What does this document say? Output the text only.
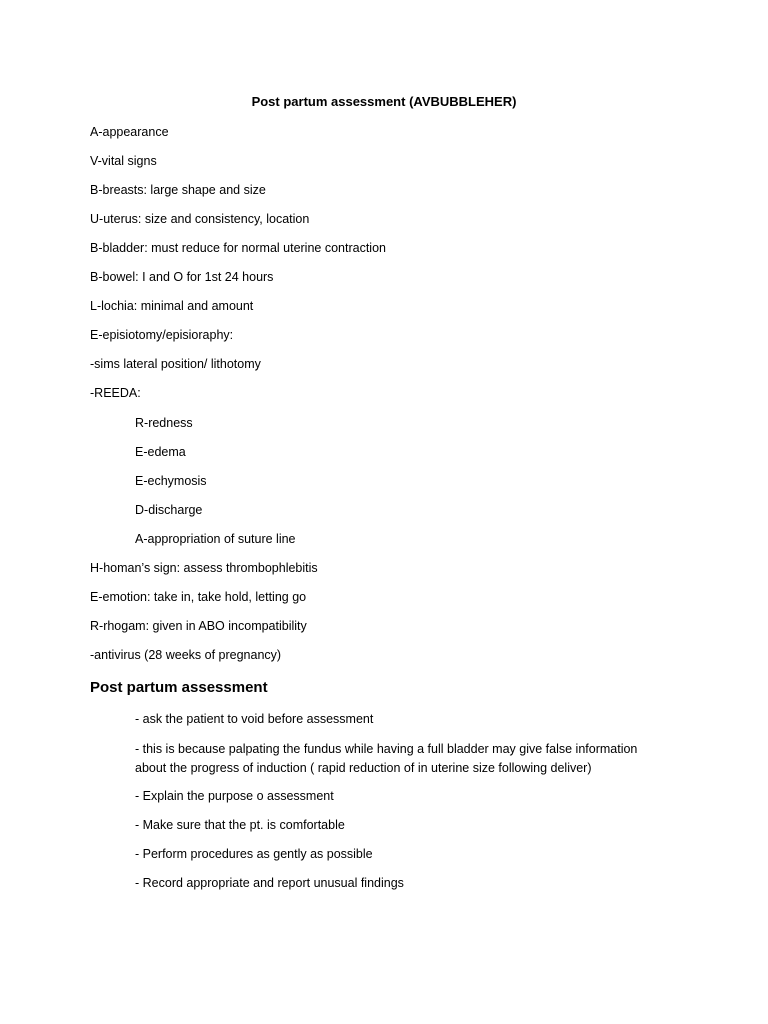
Post partum assessment (AVBUBBLEHER)
A-appearance
V-vital signs
B-breasts: large shape and size
U-uterus: size and consistency, location
B-bladder: must reduce for normal uterine contraction
B-bowel: I and O for 1st 24 hours
L-lochia: minimal and amount
E-episiotomy/episioraphy:
-sims lateral position/ lithotomy
-REEDA:
R-redness
E-edema
E-echymosis
D-discharge
A-appropriation of suture line
H-homan’s sign: assess thrombophlebitis
E-emotion: take in, take hold, letting go
R-rhogam: given in ABO incompatibility
-antivirus (28 weeks of pregnancy)
Post partum assessment
- ask the patient to void before assessment
- this is because palpating the fundus while having a full bladder may give false information about the progress of induction ( rapid reduction of in uterine size following deliver)
- Explain the purpose o assessment
- Make sure that the pt. is comfortable
- Perform procedures as gently as possible
- Record appropriate and report unusual findings
